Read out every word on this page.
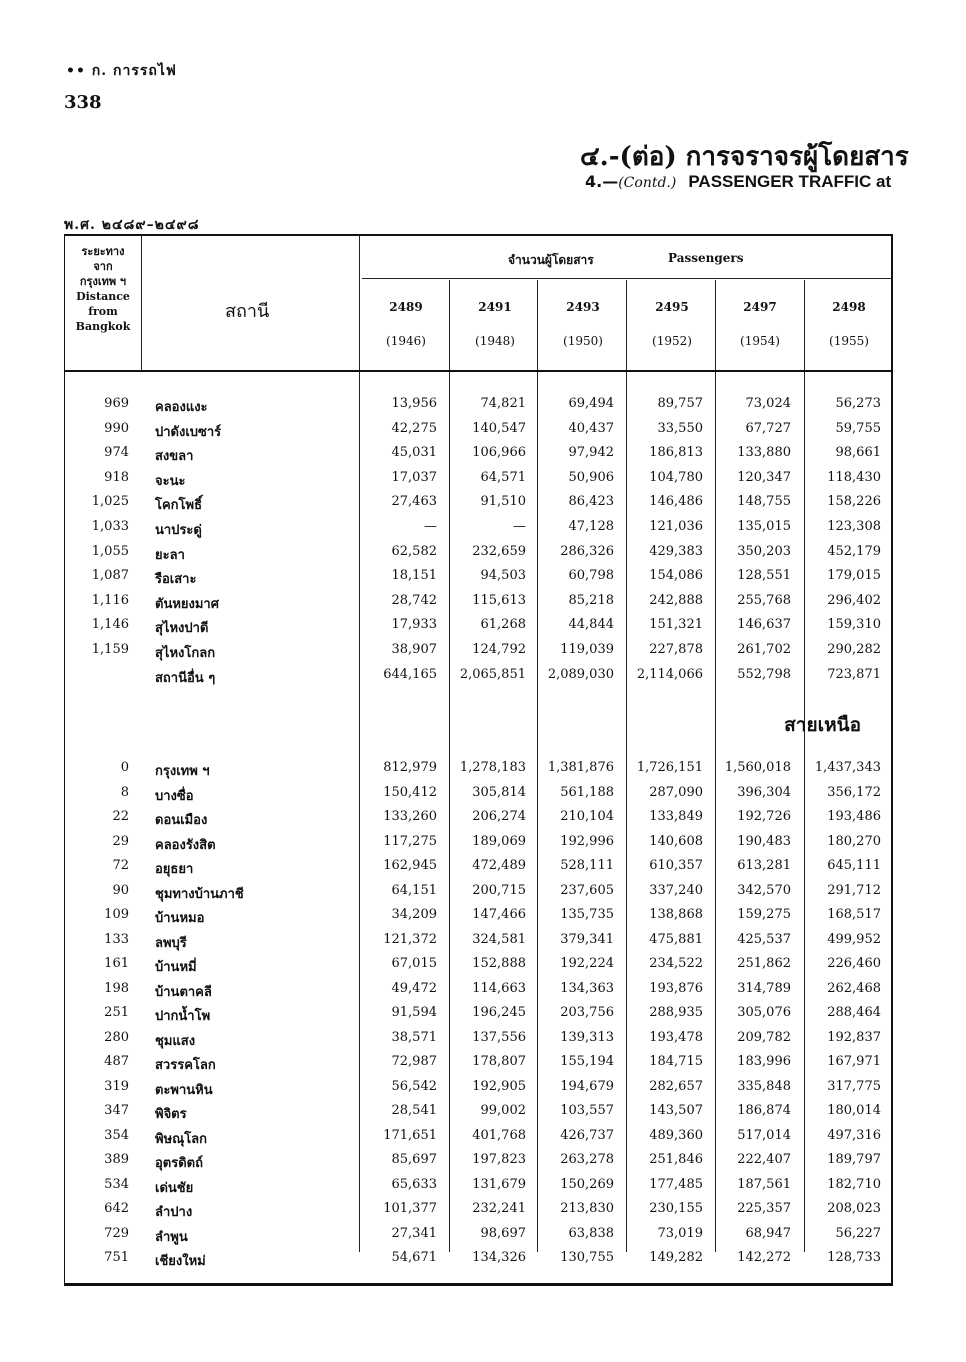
•• ก. การรถไฟ
338
๔.-(ต่อ) การจราจรผู้โดยสาร
4.—(Contd.) PASSENGER TRAFFIC at
พ.ศ. ๒๔๘๙–๒๔๙๘
ระยะทาง
จาก
กรุงเทพ ฯ
Distance
from
Bangkok
สถานี
จำนวนผู้โดยสาร	Passengers
2489	2491	2493	2495	2497	2498
(1946)	(1948)	(1950)	(1952)	(1954)	(1955)
สายเหนือ
969 คลองแงะ	13,956	74,821	69,494	89,757	73,024	56,273
990 ปาดังเบซาร์	42,275	140,547	40,437	33,550	67,727	59,755
974 สงขลา	45,031	106,966	97,942	186,813	133,880	98,661
918 จะนะ	17,037	64,571	50,906	104,780	120,347	118,430
1,025 โคกโพธิ์	27,463	91,510	86,423	146,486	148,755	158,226
1,033 นาประดู่	—	—	47,128	121,036	135,015	123,308
1,055 ยะลา	62,582	232,659	286,326	429,383	350,203	452,179
1,087 รือเสาะ	18,151	94,503	60,798	154,086	128,551	179,015
1,116 ตันหยงมาศ	28,742	115,613	85,218	242,888	255,768	296,402
1,146 สุไหงปาดี	17,933	61,268	44,844	151,321	146,637	159,310
1,159 สุไหงโกลก	38,907	124,792	119,039	227,878	261,702	290,282
สถานีอื่น ๆ	644,165	2,065,851	2,089,030	2,114,066	552,798	723,871
0 กรุงเทพ ฯ	812,979	1,278,183	1,381,876	1,726,151	1,560,018	1,437,343
8 บางซื่อ	150,412	305,814	561,188	287,090	396,304	356,172
22 ดอนเมือง	133,260	206,274	210,104	133,849	192,726	193,486
29 คลองรังสิต	117,275	189,069	192,996	140,608	190,483	180,270
72 อยุธยา	162,945	472,489	528,111	610,357	613,281	645,111
90 ชุมทางบ้านภาชี	64,151	200,715	237,605	337,240	342,570	291,712
109 บ้านหมอ	34,209	147,466	135,735	138,868	159,275	168,517
133 ลพบุรี	121,372	324,581	379,341	475,881	425,537	499,952
161 บ้านหมี่	67,015	152,888	192,224	234,522	251,862	226,460
198 บ้านตาคลี	49,472	114,663	134,363	193,876	314,789	262,468
251 ปากน้ำโพ	91,594	196,245	203,756	288,935	305,076	288,464
280 ชุมแสง	38,571	137,556	139,313	193,478	209,782	192,837
487 สวรรคโลก	72,987	178,807	155,194	184,715	183,996	167,971
319 ตะพานหิน	56,542	192,905	194,679	282,657	335,848	317,775
347 พิจิตร	28,541	99,002	103,557	143,507	186,874	180,014
354 พิษณุโลก	171,651	401,768	426,737	489,360	517,014	497,316
389 อุตรดิตถ์	85,697	197,823	263,278	251,846	222,407	189,797
534 เด่นชัย	65,633	131,679	150,269	177,485	187,561	182,710
642 ลำปาง	101,377	232,241	213,830	230,155	225,357	208,023
729 ลำพูน	27,341	98,697	63,838	73,019	68,947	56,227
751 เชียงใหม่	54,671	134,326	130,755	149,282	142,272	128,733
